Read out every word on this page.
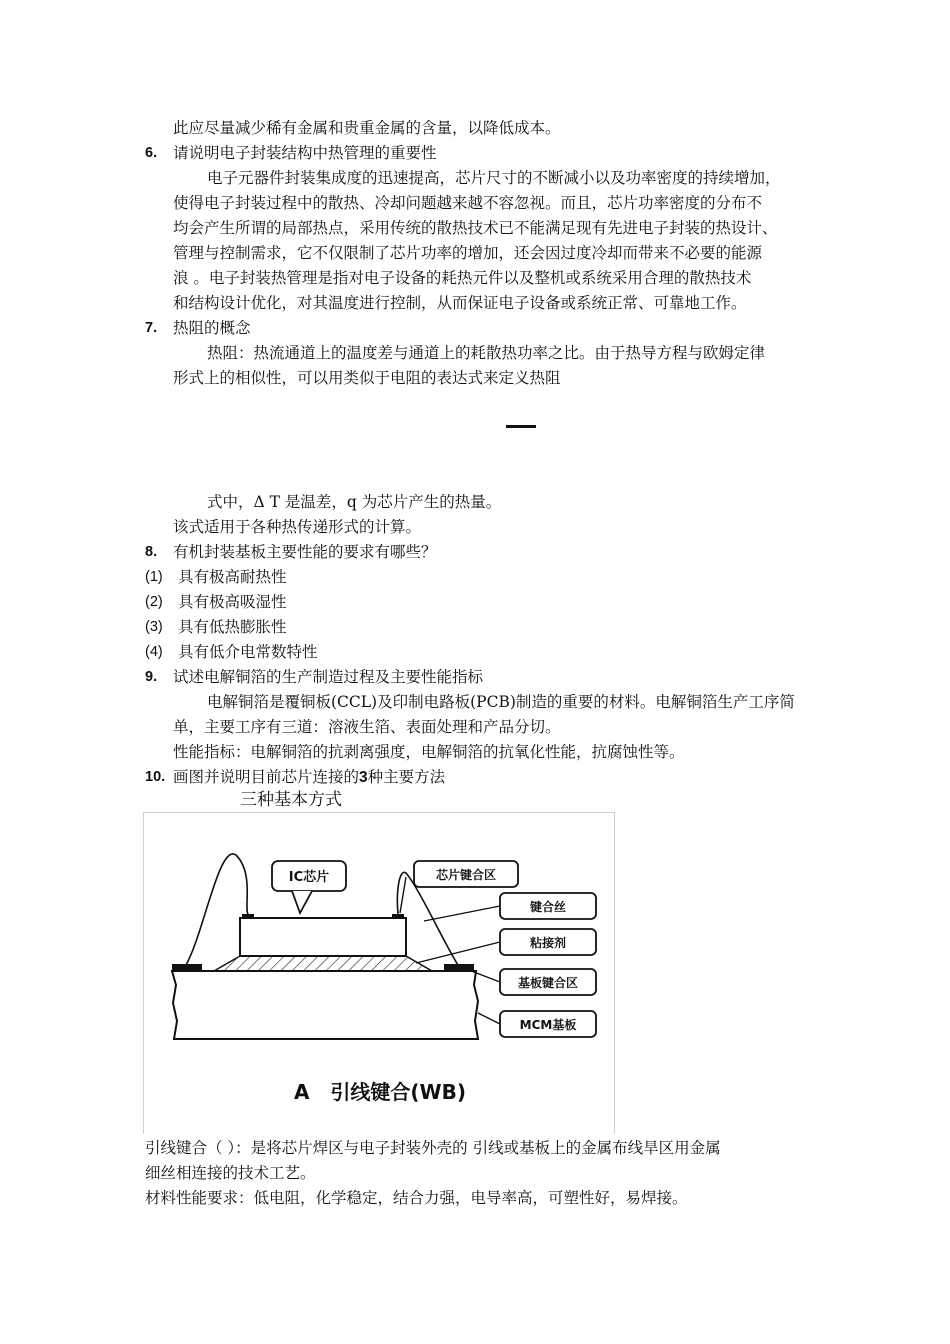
此应尽量减少稀有金属和贵重金属的含量，以降低成本。
6. 请说明电子封装结构中热管理的重要性
电子元器件封装集成度的迅速提高，芯片尺寸的不断减小以及功率密度的持续增加，
使得电子封装过程中的散热、冷却问题越来越不容忽视。而且，芯片功率密度的分布不
均会产生所谓的局部热点，采用传统的散热技术已不能满足现有先进电子封装的热设计、
管理与控制需求，它不仅限制了芯片功率的增加，还会因过度冷却而带来不必要的能源
浪 。电子封装热管理是指对电子设备的耗热元件以及整机或系统采用合理的散热技术
和结构设计优化，对其温度进行控制，从而保证电子设备或系统正常、可靠地工作。
7. 热阻的概念
热阻：热流通道上的温度差与通道上的耗散热功率之比。由于热导方程与欧姆定律
形式上的相似性，可以用类似于电阻的表达式来定义热阻
式中，Δ T 是温差，q 为芯片产生的热量。
该式适用于各种热传递形式的计算。
8. 有机封装基板主要性能的要求有哪些？
(1) 具有极高耐热性
(2) 具有极高吸湿性
(3) 具有低热膨胀性
(4) 具有低介电常数特性
9. 试述电解铜箔的生产制造过程及主要性能指标
电解铜箔是覆铜板(CCL)及印制电路板(PCB)制造的重要的材料。电解铜箔生产工序简
单，主要工序有三道：溶液生箔、表面处理和产品分切。
性能指标：电解铜箔的抗剥离强度，电解铜箔的抗氧化性能，抗腐蚀性等。
10. 画图并说明目前芯片连接的3种主要方法
三种基本方式
IC芯片	芯片键合区
键合丝
粘接剂
基板键合区
MCM基板
A   引线键合(WB)
引线键合（ ）：是将芯片焊区与电子封装外壳的 引线或基板上的金属布线旱区用金属
细丝相连接的技术工艺。
材料性能要求：低电阻，化学稳定，结合力强，电导率高，可塑性好，易焊接。
